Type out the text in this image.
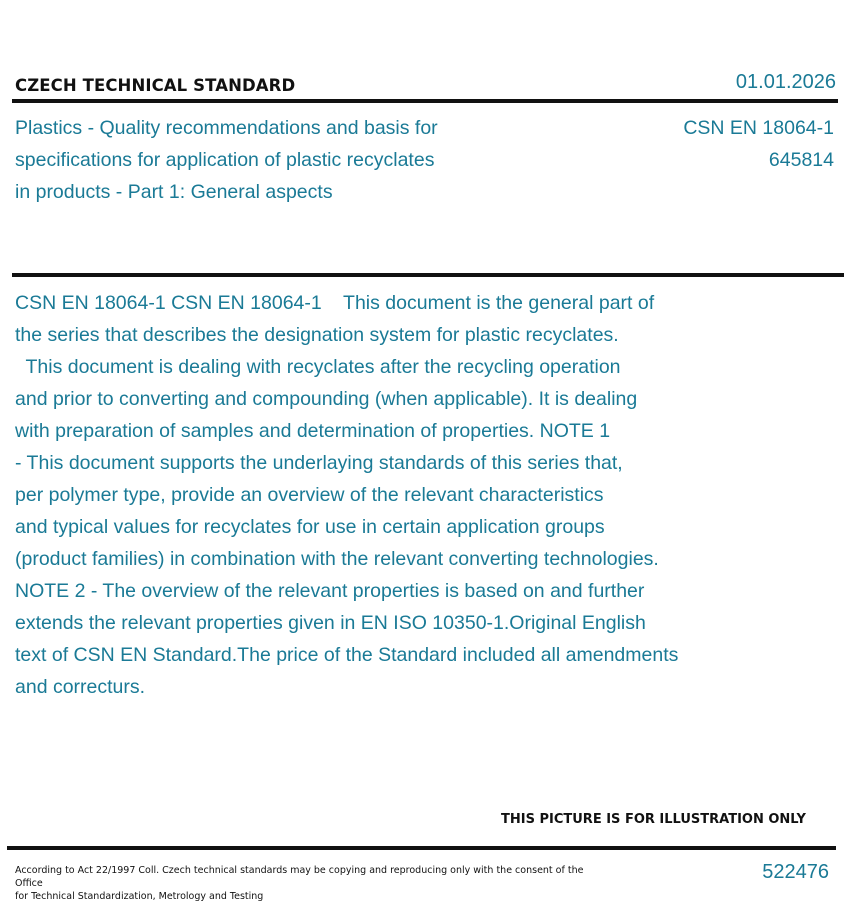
CZECH TECHNICAL STANDARD	01.01.2026
Plastics - Quality recommendations and basis for
specifications for application of plastic recyclates
in products - Part 1: General aspects
CSN EN 18064-1
645814
CSN EN 18064-1 CSN EN 18064-1    This document is the general part of
the series that describes the designation system for plastic recyclates.
This document is dealing with recyclates after the recycling operation
and prior to converting and compounding (when applicable). It is dealing
with preparation of samples and determination of properties. NOTE 1
- This document supports the underlaying standards of this series that,
per polymer type, provide an overview of the relevant characteristics
and typical values for recyclates for use in certain application groups
(product families) in combination with the relevant converting technologies.
NOTE 2 - The overview of the relevant properties is based on and further
extends the relevant properties given in EN ISO 10350-1.Original English
text of CSN EN Standard.The price of the Standard included all amendments
and correcturs.
THIS PICTURE IS FOR ILLUSTRATION ONLY
According to Act 22/1997 Coll. Czech technical standards may be copying and reproducing only with the consent of the Office
for Technical Standardization, Metrology and Testing
522476
